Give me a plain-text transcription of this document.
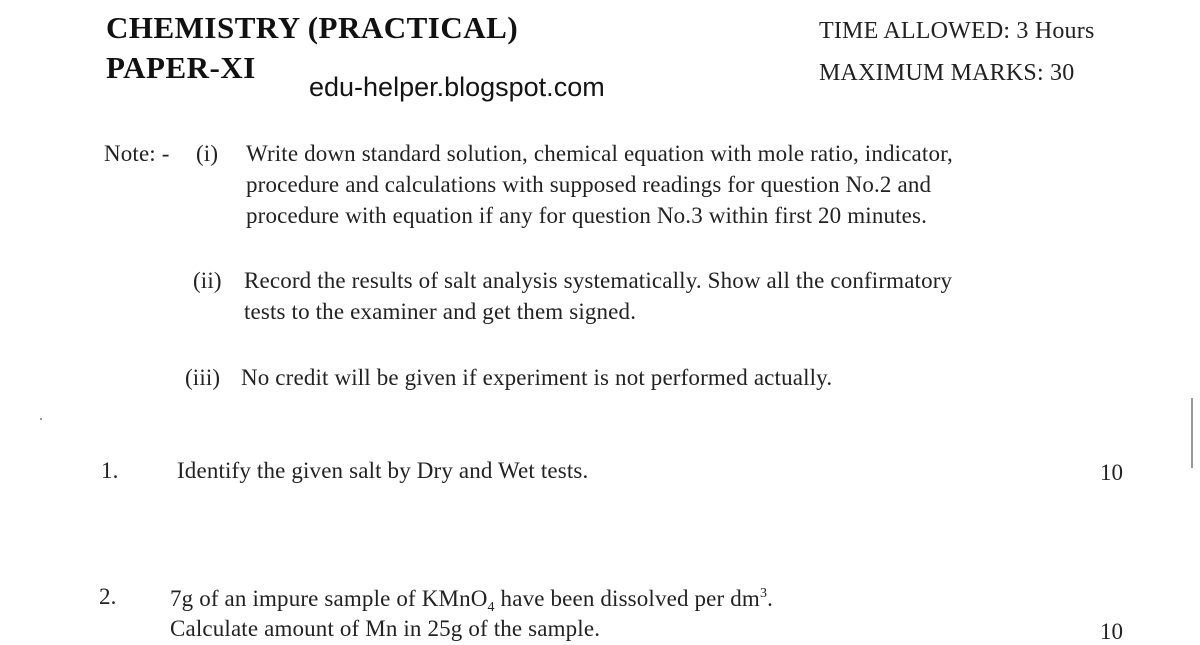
CHEMISTRY (PRACTICAL)
PAPER-XI
edu-helper.blogspot.com
TIME ALLOWED: 3 Hours
MAXIMUM MARKS: 30
Note: - (i) Write down standard solution, chemical equation with mole ratio, indicator,
procedure and calculations with supposed readings for question No.2 and
procedure with equation if any for question No.3 within first 20 minutes.
(ii) Record the results of salt analysis systematically. Show all the confirmatory
tests to the examiner and get them signed.
(iii) No credit will be given if experiment is not performed actually.
1.	Identify the given salt by Dry and Wet tests.	10
2. 7g of an impure sample of KMnO$_4$ have been dissolved per $dm^3$.
Calculate amount of Mn in 25g of the sample.	10
